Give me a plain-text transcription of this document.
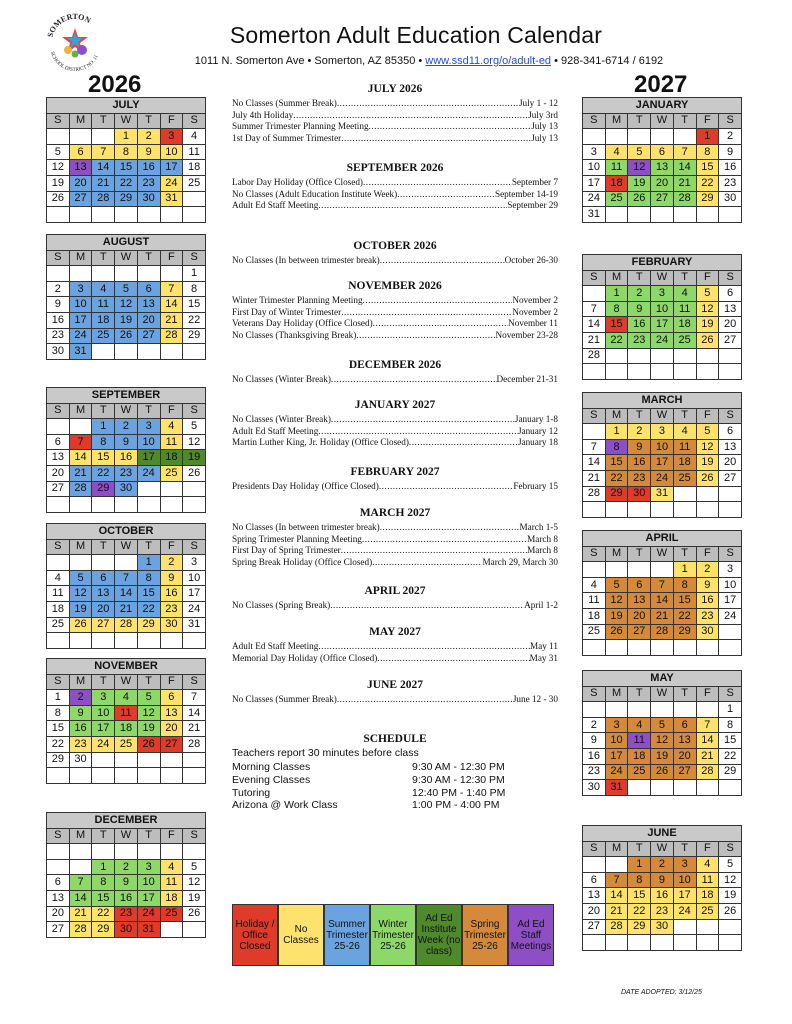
SOMERTON
SCHOOL DISTRICT NO. 11
Somerton Adult Education Calendar
1011 N. Somerton Ave • Somerton, AZ 85350 • www.ssd11.org/o/adult-ed • 928-341-6714 / 6192
2026	2027
JULY						
S	M	T	W	T	F	S
			1	2	3	4
5	6	7	8	9	10	11
12	13	14	15	16	17	18
19	20	21	22	23	24	25
26	27	28	29	30	31	

AUGUST						
S	M	T	W	T	F	S
						1
2	3	4	5	6	7	8
9	10	11	12	13	14	15
16	17	18	19	20	21	22
23	24	25	26	27	28	29
30	31					
SEPTEMBER						
S	M	T	W	T	F	S
		1	2	3	4	5
6	7	8	9	10	11	12
13	14	15	16	17	18	19
20	21	22	23	24	25	26
27	28	29	30			

OCTOBER						
S	M	T	W	T	F	S
				1	2	3
4	5	6	7	8	9	10
11	12	13	14	15	16	17
18	19	20	21	22	23	24
25	26	27	28	29	30	31

NOVEMBER						
S	M	T	W	T	F	S
1	2	3	4	5	6	7
8	9	10	11	12	13	14
15	16	17	18	19	20	21
22	23	24	25	26	27	28
29	30					

DECEMBER						
S	M	T	W	T	F	S

		1	2	3	4	5
6	7	8	9	10	11	12
13	14	15	16	17	18	19
20	21	22	23	24	25	26
27	28	29	30	31		
JANUARY						
S	M	T	W	T	F	S
					1	2
3	4	5	6	7	8	9
10	11	12	13	14	15	16
17	18	19	20	21	22	23
24	25	26	27	28	29	30
31						
FEBRUARY						
S	M	T	W	T	F	S
	1	2	3	4	5	6
7	8	9	10	11	12	13
14	15	16	17	18	19	20
21	22	23	24	25	26	27
28						

MARCH						
S	M	T	W	T	F	S
	1	2	3	4	5	6
7	8	9	10	11	12	13
14	15	16	17	18	19	20
21	22	23	24	25	26	27
28	29	30	31			

APRIL						
S	M	T	W	T	F	S
				1	2	3
4	5	6	7	8	9	10
11	12	13	14	15	16	17
18	19	20	21	22	23	24
25	26	27	28	29	30	

MAY						
S	M	T	W	T	F	S
						1
2	3	4	5	6	7	8
9	10	11	12	13	14	15
16	17	18	19	20	21	22
23	24	25	26	27	28	29
30	31					
JUNE						
S	M	T	W	T	F	S
		1	2	3	4	5
6	7	8	9	10	11	12
13	14	15	16	17	18	19
20	21	22	23	24	25	26
27	28	29	30			

JULY 2026
No Classes (Summer Break) .....	July 1 - 12
July 4th Holiday .....	July 3rd
Summer Trimester Planning Meeting .....	July 13
1st Day of Summer Trimester .....	July 13
SEPTEMBER 2026
Labor Day Holiday (Office Closed) .....	September 7
No Classes (Adult Education Institute Week) .....	September 14-19
Adult Ed Staff Meeting .....	September 29
OCTOBER 2026
No Classes (In between trimester break) .....	October 26-30
NOVEMBER 2026
Winter Trimester Planning Meeting .....	November 2
First Day of Winter Trimester .....	November 2
Veterans Day Holiday (Office Closed) .....	November 11
No Classes (Thanksgiving Break) .....	November 23-28
DECEMBER 2026
No Classes (Winter Break) .....	December 21-31
JANUARY 2027
No Classes (Winter Break) .....	January 1-8
Adult Ed Staff Meeting .....	January 12
Martin Luther King, Jr. Holiday (Office Closed) .....	January 18
FEBRUARY 2027
Presidents Day Holiday (Office Closed) .....	February 15
MARCH 2027
No Classes (In between trimester break) .....	March 1-5
Spring Trimester Planning Meeting .....	March 8
First Day of Spring Trimester .....	March 8
Spring Break Holiday (Office Closed) .....	March 29, March 30
APRIL 2027
No Classes (Spring Break) .....	April 1-2
MAY 2027
Adult Ed Staff Meeting .....	May 11
Memorial Day Holiday (Office Closed) .....	May 31
JUNE 2027
No Classes (Summer Break) .....	June 12 - 30
SCHEDULE
Teachers report 30 minutes before class
Morning Classes	9:30 AM - 12:30 PM
Evening Classes	9:30 AM - 12:30 PM
Tutoring	12:40 PM - 1:40 PM
Arizona @ Work Class	1:00 PM - 4:00 PM
Holiday / Office Closed
No Classes
Summer Trimester 25-26
Winter Trimester 25-26
Ad Ed Institute Week (no class)
Spring Trimester 25-26
Ad Ed Staff Meetings
DATE ADOPTED: 3/12/25
